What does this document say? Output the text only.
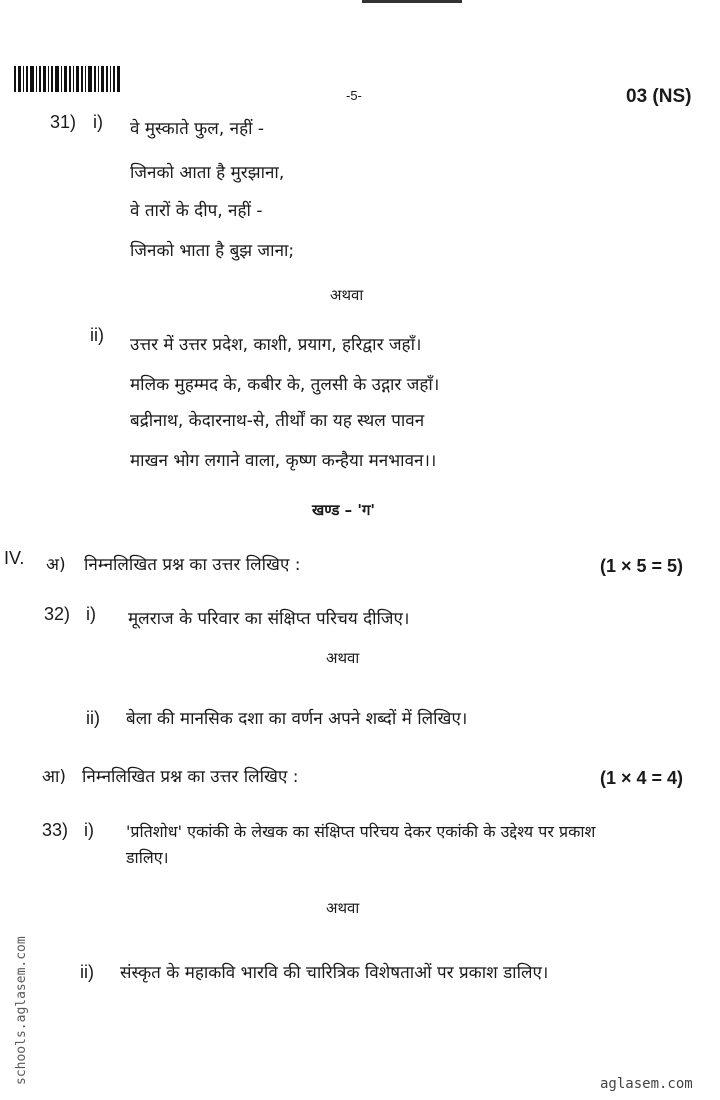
-5-	03 (NS)
31) i) वे मुस्काते फुल, नहीं -
जिनको आता है मुरझाना,
वे तारों के दीप, नहीं -
जिनको भाता है बुझ जाना;
अथवा
ii) उत्तर में उत्तर प्रदेश, काशी, प्रयाग, हरिद्वार जहाँ।
मलिक मुहम्मद के, कबीर के, तुलसी के उद्गार जहाँ।
बद्रीनाथ, केदारनाथ-से, तीर्थों का यह स्थल पावन
माखन भोग लगाने वाला, कृष्ण कन्हैया मनभावन।।
खण्ड – 'ग'
IV. अ) निम्नलिखित प्रश्न का उत्तर लिखिए :	(1 × 5 = 5)
32) i) मूलराज के परिवार का संक्षिप्त परिचय दीजिए।
अथवा
ii) बेला की मानसिक दशा का वर्णन अपने शब्दों में लिखिए।
आ) निम्नलिखित प्रश्न का उत्तर लिखिए :	(1 × 4 = 4)
33) i) 'प्रतिशोध' एकांकी के लेखक का संक्षिप्त परिचय देकर एकांकी के उद्देश्य पर प्रकाश
डालिए।
अथवा
ii) संस्कृत के महाकवि भारवि की चारित्रिक विशेषताओं पर प्रकाश डालिए।
schools.aglasem.com	aglasem.com
